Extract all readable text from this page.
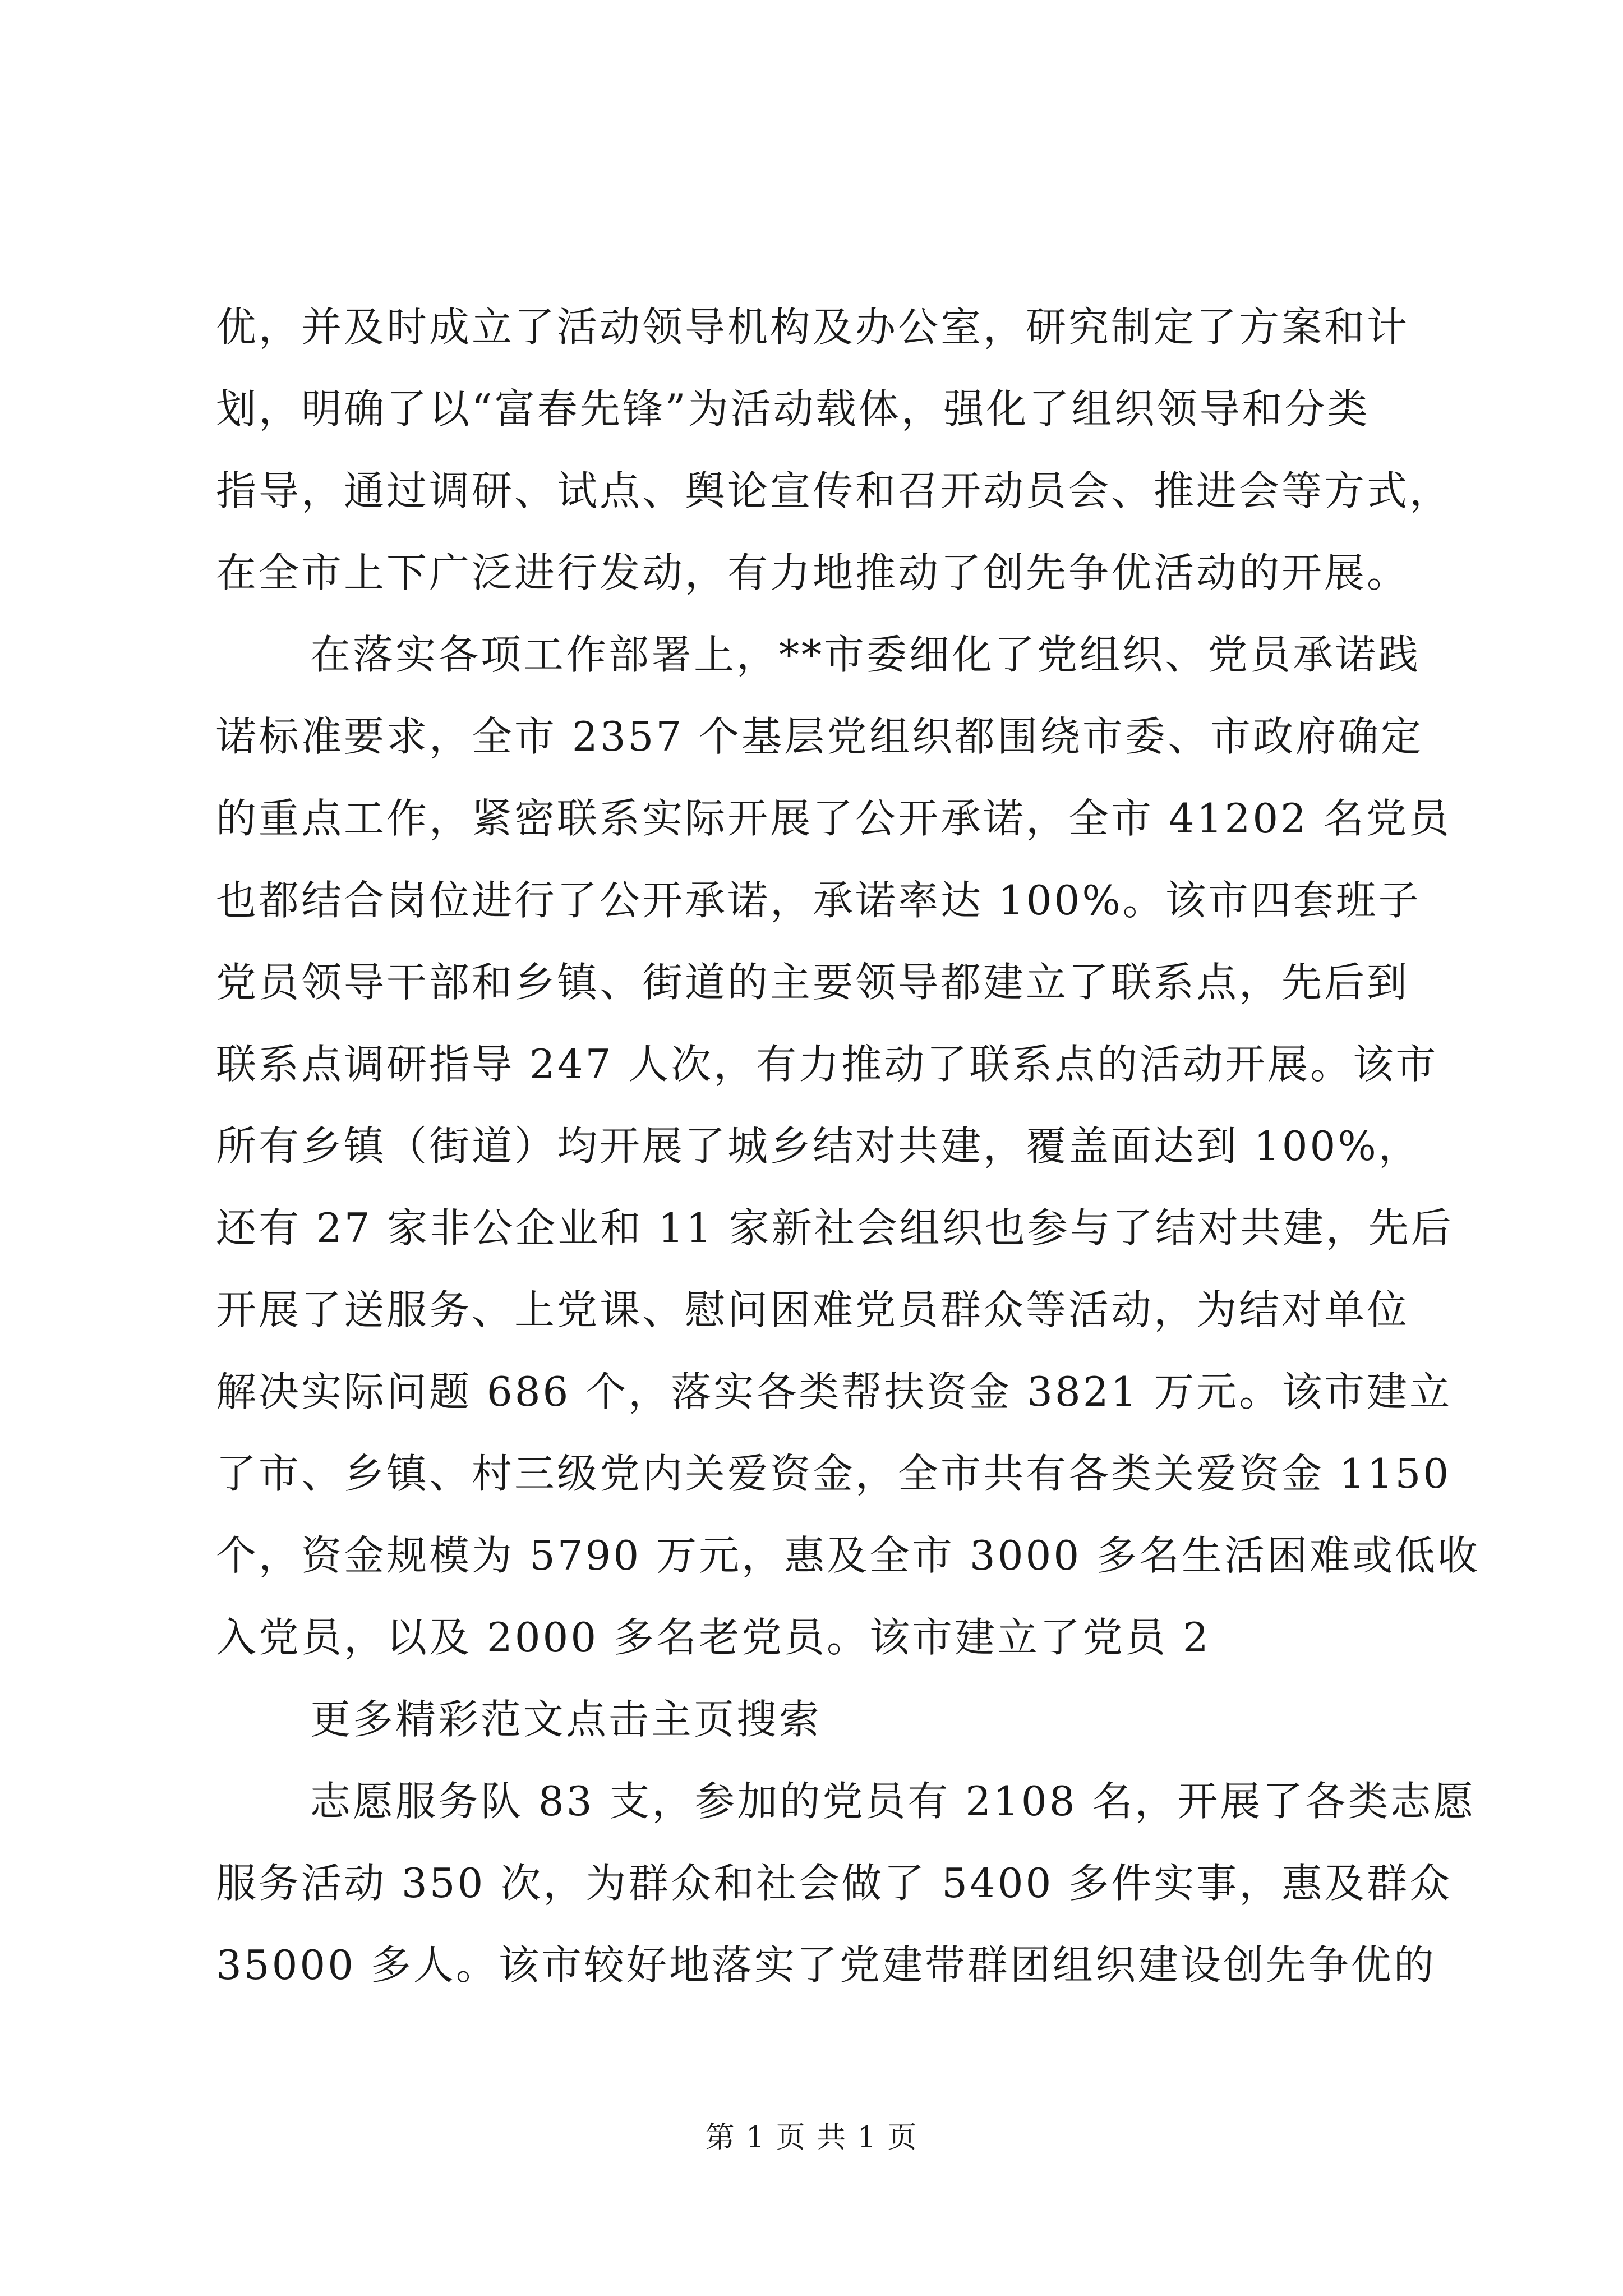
优，并及时成立了活动领导机构及办公室，研究制定了方案和计
划，明确了以“富春先锋”为活动载体，强化了组织领导和分类
指导，通过调研、试点、舆论宣传和召开动员会、推进会等方式，
在全市上下广泛进行发动，有力地推动了创先争优活动的开展。
在落实各项工作部署上，**市委细化了党组织、党员承诺践
诺标准要求，全市 2357 个基层党组织都围绕市委、市政府确定
的重点工作，紧密联系实际开展了公开承诺，全市 41202 名党员
也都结合岗位进行了公开承诺，承诺率达 100%。该市四套班子
党员领导干部和乡镇、街道的主要领导都建立了联系点，先后到
联系点调研指导 247 人次，有力推动了联系点的活动开展。该市
所有乡镇（街道）均开展了城乡结对共建，覆盖面达到 100%，
还有 27 家非公企业和 11 家新社会组织也参与了结对共建，先后
开展了送服务、上党课、慰问困难党员群众等活动，为结对单位
解决实际问题 686 个，落实各类帮扶资金 3821 万元。该市建立
了市、乡镇、村三级党内关爱资金，全市共有各类关爱资金 1150
个，资金规模为 5790 万元，惠及全市 3000 多名生活困难或低收
入党员，以及 2000 多名老党员。该市建立了党员 2
更多精彩范文点击主页搜索
志愿服务队 83 支，参加的党员有 2108 名，开展了各类志愿
服务活动 350 次，为群众和社会做了 5400 多件实事，惠及群众
35000 多人。该市较好地落实了党建带群团组织建设创先争优的
第 1 页 共 1 页
